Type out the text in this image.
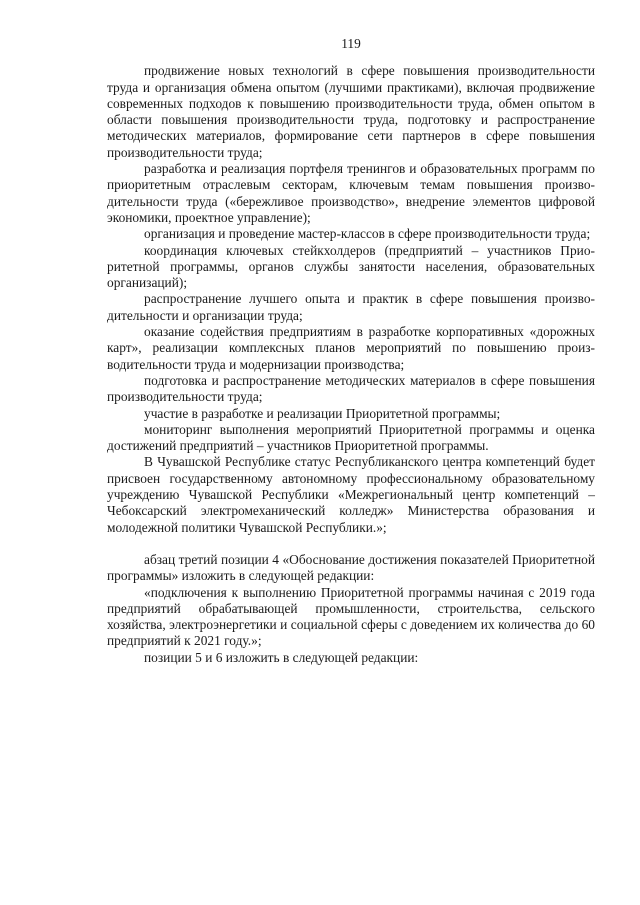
119

продвижение новых технологий в сфере повышения производительности труда и организация обмена опытом (лучшими практиками), включая продвижение современных подходов к повышению производительности труда, обмен опытом в области повышения производительности труда, подготовку и распространение методических материалов, формирование сети партнеров в сфере повышения производительности труда;

разработка и реализация портфеля тренингов и образовательных программ по приоритетным отраслевым секторам, ключевым темам повышения производительности труда («бережливое производство», внедрение элементов цифровой экономики, проектное управление);

организация и проведение мастер-классов в сфере производительности труда;

координация ключевых стейкхолдеров (предприятий – участников Приоритетной программы, органов службы занятости населения, образовательных организаций);

распространение лучшего опыта и практик в сфере повышения производительности и организации труда;

оказание содействия предприятиям в разработке корпоративных «дорожных карт», реализации комплексных планов мероприятий по повышению производительности труда и модернизации производства;

подготовка и распространение методических материалов в сфере повышения производительности труда;

участие в разработке и реализации Приоритетной программы;

мониторинг выполнения мероприятий Приоритетной программы и оценка достижений предприятий – участников Приоритетной программы.

В Чувашской Республике статус Республиканского центра компетенций будет присвоен государственному автономному профессиональному образовательному учреждению Чувашской Республики «Межрегиональный центр компетенций – Чебоксарский электромеханический колледж» Министерства образования и молодежной политики Чувашской Республики.»;

абзац третий позиции 4 «Обоснование достижения показателей Приоритетной программы» изложить в следующей редакции:

«подключения к выполнению Приоритетной программы начиная с 2019 года предприятий обрабатывающей промышленности, строительства, сельского хозяйства, электроэнергетики и социальной сферы с доведением их количества до 60 предприятий к 2021 году.»;

позиции 5 и 6 изложить в следующей редакции:
